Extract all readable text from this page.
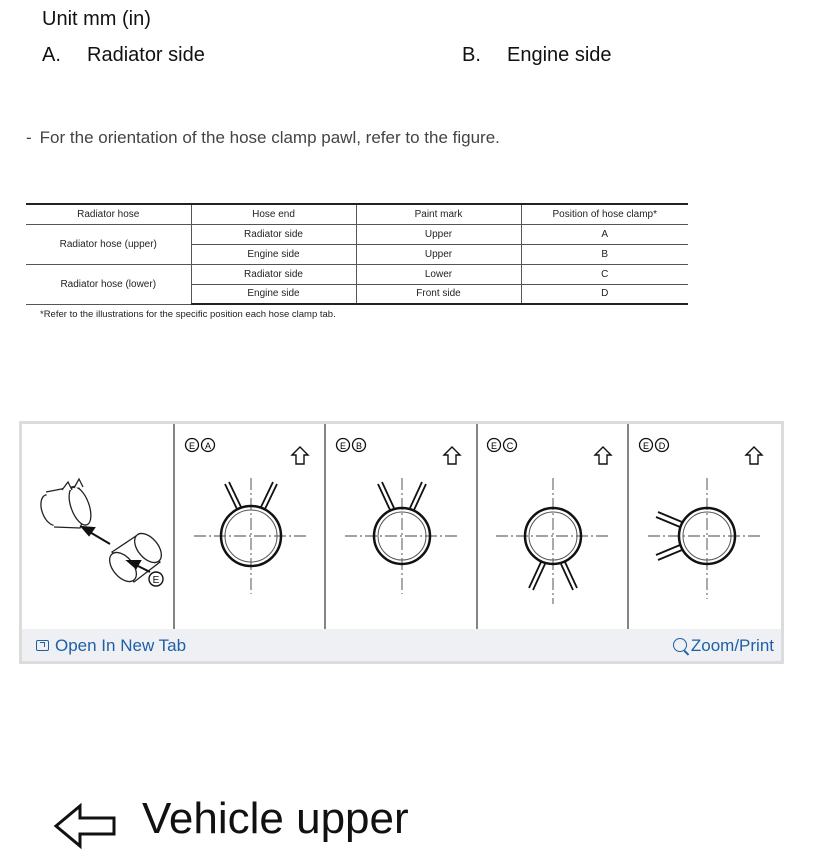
Unit mm (in)
A. Radiator side	B. Engine side
- For the orientation of the hose clamp pawl, refer to the figure.
Radiator hose	Hose end	Paint mark	Position of hose clamp*
Radiator hose (upper)	Radiator side	Upper	A
	Engine side	Upper	B
Radiator hose (lower)	Radiator side	Lower	C
	Engine side	Front side	D
*Refer to the illustrations for the specific position each hose clamp tab.
E
E A	E B	E C	E D
Open In New Tab	Zoom/Print
Vehicle upper
